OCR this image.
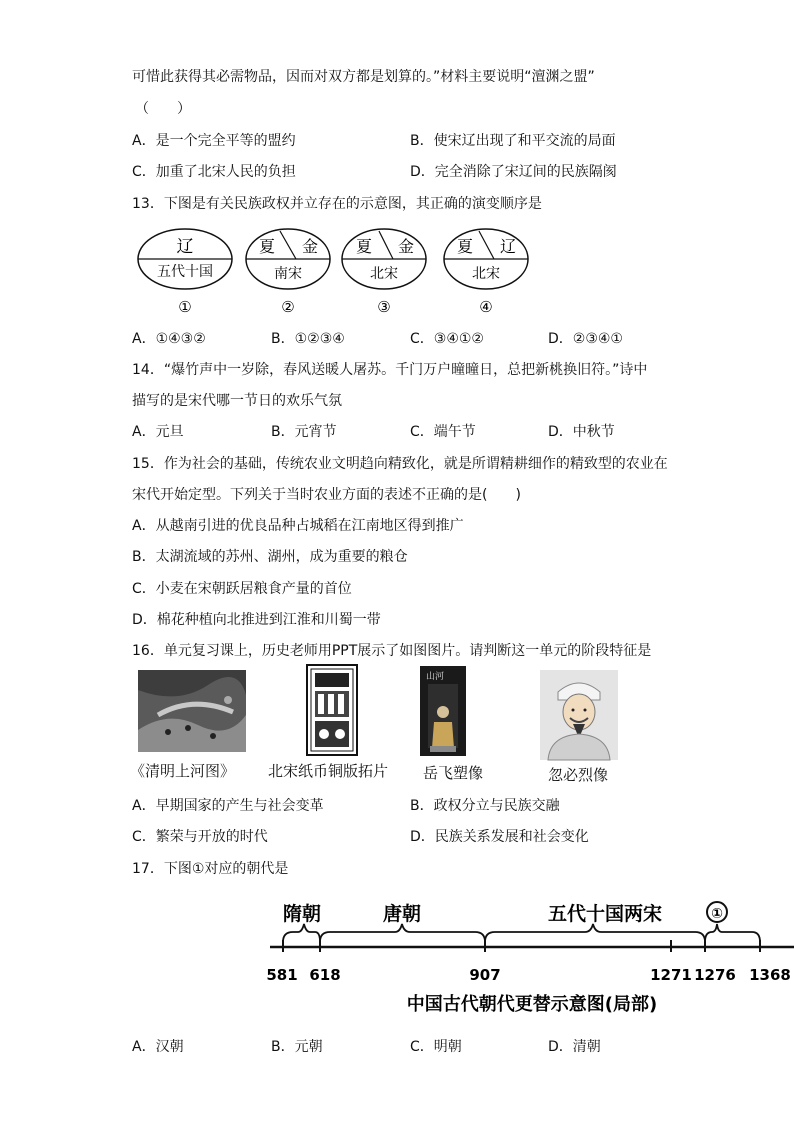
可惜此获得其必需物品，因而对双方都是划算的。”材料主要说明“澶渊之盟”
（　　）
A．是一个完全平等的盟约	B．使宋辽出现了和平交流的局面
C．加重了北宋人民的负担	D．完全消除了宋辽间的民族隔阂
13．下图是有关民族政权并立存在的示意图，其正确的演变顺序是
辽
五代十国
①
夏 金
南宋
②
夏 金
北宋
③
夏 辽
北宋
④
A．①④③②	B．①②③④	C．③④①②	D．②③④①
14．“爆竹声中一岁除，春风送暖人屠苏。千门万户曈曈日，总把新桃换旧符。”诗中
描写的是宋代哪一节日的欢乐气氛
A．元旦	B．元宵节	C．端午节	D．中秋节
15．作为社会的基础，传统农业文明趋向精致化，就是所谓精耕细作的精致型的农业在
宋代开始定型。下列关于当时农业方面的表述不正确的是(　　)
A．从越南引进的优良品种占城稻在江南地区得到推广
B．太湖流域的苏州、湖州，成为重要的粮仓
C．小麦在宋朝跃居粮食产量的首位
D．棉花种植向北推进到江淮和川蜀一带
16．单元复习课上，历史老师用PPT展示了如图图片。请判断这一单元的阶段特征是
山河
《清明上河图》 北宋纸币铜版拓片 岳飞塑像	忽必烈像
A．早期国家的产生与社会变革	B．政权分立与民族交融
C．繁荣与开放的时代	D．民族关系发展和社会变化
17．下图①对应的朝代是
隋朝	唐朝	五代十国两宋	①
581 618	907	1271 1276 1368
中国古代朝代更替示意图(局部)
A．汉朝	B．元朝	C．明朝	D．清朝
